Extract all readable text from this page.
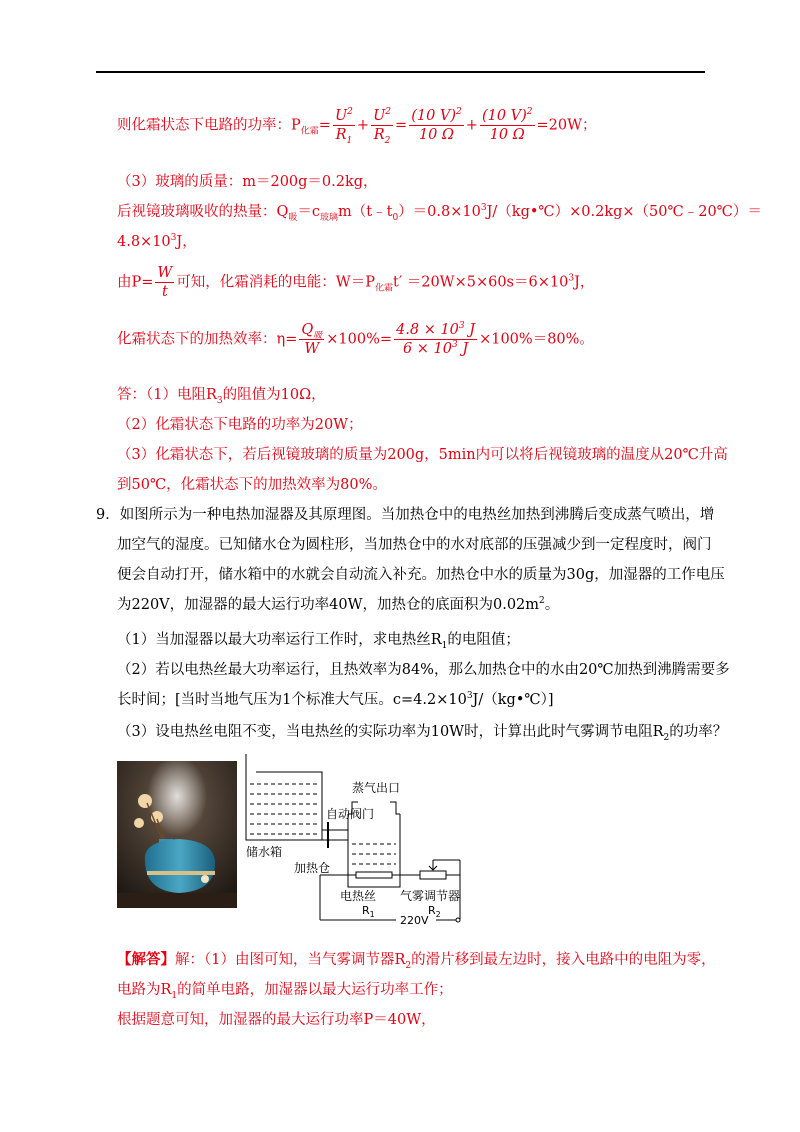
则化霜状态下电路的功率：$P_{化霜}= \frac{U^2}{R_1} + \frac{U^2}{R_2} = \frac{(10 V)^2}{10 \Omega} + \frac{(10 V)^2}{10 \Omega} =20W$；
（3）玻璃的质量：m＝200g＝0.2kg，
后视镜玻璃吸收的热量：$Q_吸=c_{玻璃}m(t﹣t_0)=0.8\times 10^3J/(kg•℃)\times 0.2kg\times(50℃﹣20℃)=$
$4.8\times 10^3J$，
由$P= \frac{W}{t}$ 可知，化霜消耗的电能：$W=P_{化霜}t' =20W\times 5\times 60s=6\times 10^3J$，
化霜状态下的加热效率：$\eta= \frac{Q_吸}{W} \times 100\%= \frac{4.8 \times 10^3 J}{6 \times 10^3 J} \times 100\%=80\%$。
答：（1）电阻$R_3$的阻值为10Ω，
（2）化霜状态下电路的功率为20W；
（3）化霜状态下，若后视镜玻璃的质量为200g，5min内可以将后视镜玻璃的温度从20℃升高
到50℃，化霜状态下的加热效率为80%。
9．如图所示为一种电热加湿器及其原理图。当加热仓中的电热丝加热到沸腾后变成蒸气喷出，增
加空气的湿度。已知储水仓为圆柱形，当加热仓中的水对底部的压强减少到一定程度时，阀门
便会自动打开，储水箱中的水就会自动流入补充。加热仓中水的质量为30g，加湿器的工作电压
为220V，加湿器的最大运行功率40W，加热仓的底面积为$0.02m^2$。
（1）当加湿器以最大功率运行工作时，求电热丝$R_1$的电阻值；
（2）若以电热丝最大功率运行，且热效率为84%，那么加热仓中的水由20℃加热到沸腾需要多
长时间；[当时当地气压为1个标准大气压。$c=4.2\times 10^3J/(kg•℃)$]
（3）设电热丝电阻不变，当电热丝的实际功率为10W时，计算出此时气雾调节电阻$R_2$的功率？
蒸气出口
自动阀门
储水箱
加热仓
电热丝 气雾调节器
$R_1$	$R_2$
220V
【解答】解：（1）由图可知，当气雾调节器$R_2$的滑片移到最左边时，接入电路中的电阻为零，
电路为$R_1$的简单电路，加湿器以最大运行功率工作；
根据题意可知，加湿器的最大运行功率P＝40W，
